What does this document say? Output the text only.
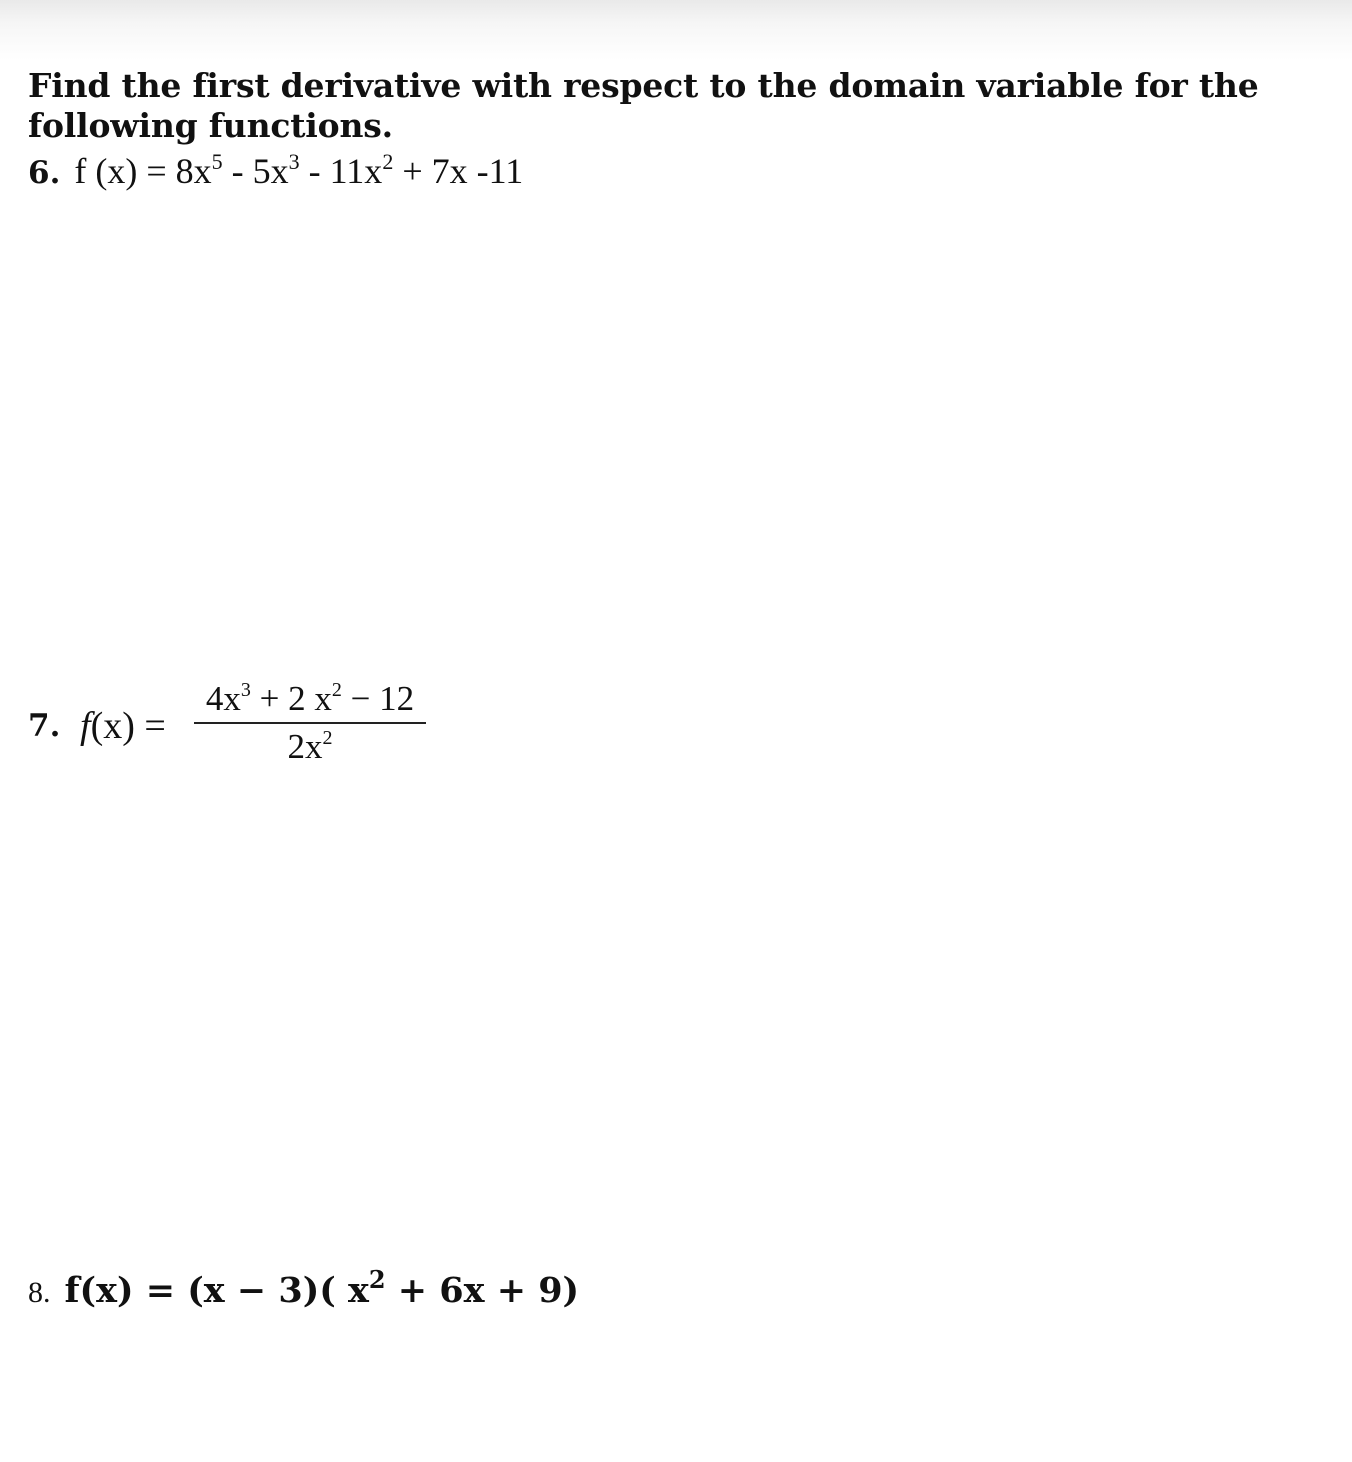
Find the first derivative with respect to the domain variable for the following functions.
6. f $(x) = 8x^5 - 5x^3 - 11x^2 + 7x$ -11
7. f(x) =
$4x^3 + 2$ $x^2 - 12$
$2x^2$
8. f(x) = (x − 3)( $x^2 + 6x + 9$)
